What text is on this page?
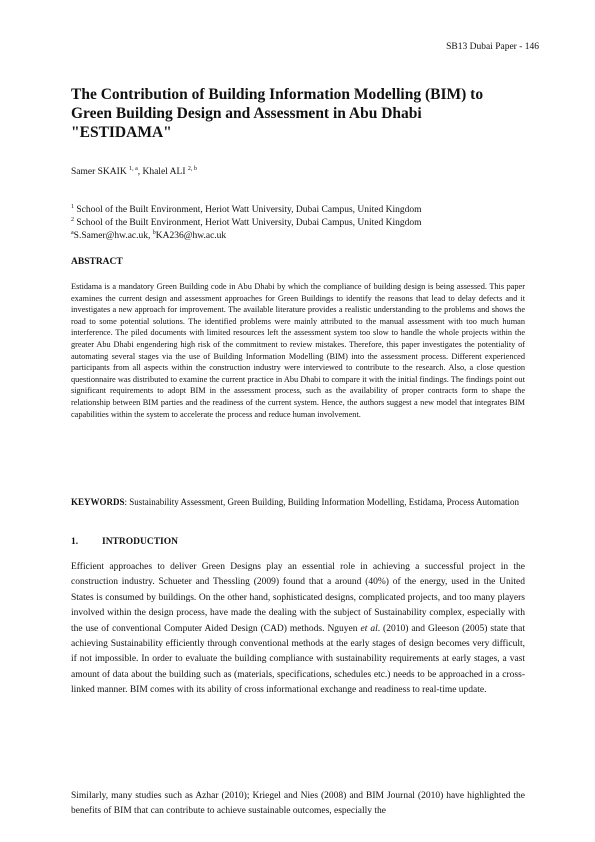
SB13 Dubai Paper - 146
The Contribution of Building Information Modelling (BIM) to
Green Building Design and Assessment in Abu Dhabi
"ESTIDAMA"
Samer SKAIK $^{1, a}$, Khalel ALI $^{2, b}$
$^1$ School of the Built Environment, Heriot Watt University, Dubai Campus, United Kingdom
$^2$ School of the Built Environment, Heriot Watt University, Dubai Campus, United Kingdom
$^a$S.Samer@hw.ac.uk, $^b$KA236@hw.ac.uk
ABSTRACT

Estidama is a mandatory Green Building code in Abu Dhabi by which the compliance of building design is being assessed. This paper examines the current design and assessment approaches for Green Buildings to identify the reasons that lead to delay defects and it investigates a new approach for improvement. The available literature provides a realistic understanding to the problems and shows the road to some potential solutions. The identified problems were mainly attributed to the manual assessment with too much human interference. The piled documents with limited resources left the assessment system too slow to handle the whole projects within the greater Abu Dhabi engendering high risk of the commitment to review mistakes. Therefore, this paper investigates the potentiality of automating several stages via the use of Building Information Modelling (BIM) into the assessment process. Different experienced participants from all aspects within the construction industry were interviewed to contribute to the research. Also, a close question questionnaire was distributed to examine the current practice in Abu Dhabi to compare it with the initial findings. The findings point out significant requirements to adopt BIM in the assessment process, such as the availability of proper contracts form to shape the relationship between BIM parties and the readiness of the current system. Hence, the authors suggest a new model that integrates BIM capabilities within the system to accelerate the process and reduce human involvement.

KEYWORDS: Sustainability Assessment, Green Building, Building Information Modelling, Estidama, Process Automation

1.	INTRODUCTION

Efficient approaches to deliver Green Designs play an essential role in achieving a successful project in the construction industry. Schueter and Thessling (2009) found that a around (40%) of the energy, used in the United States is consumed by buildings. On the other hand, sophisticated designs, complicated projects, and too many players involved within the design process, have made the dealing with the subject of Sustainability complex, especially with the use of conventional Computer Aided Design (CAD) methods. Nguyen et al. (2010) and Gleeson (2005) state that achieving Sustainability efficiently through conventional methods at the early stages of design becomes very difficult, if not impossible. In order to evaluate the building compliance with sustainability requirements at early stages, a vast amount of data about the building such as (materials, specifications, schedules etc.) needs to be approached in a cross-linked manner. BIM comes with its ability of cross informational exchange and readiness to real-time update.

Similarly, many studies such as Azhar (2010); Kriegel and Nies (2008) and BIM Journal (2010) have highlighted the benefits of BIM that can contribute to achieve sustainable outcomes, especially the
